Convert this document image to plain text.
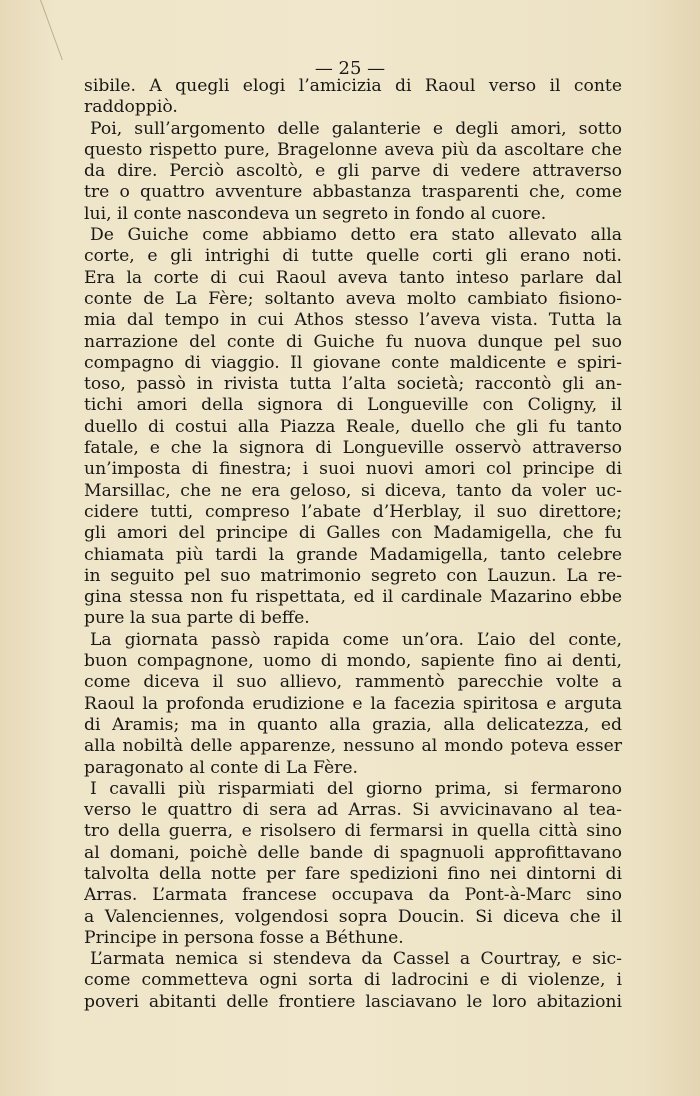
— 25 —
sibile. A quegli elogi l’amicizia di Raoul verso il conte
raddoppiò.
Poi, sull’argomento delle galanterie e degli amori, sotto
questo rispetto pure, Bragelonne aveva più da ascoltare che
da dire. Perciò ascoltò, e gli parve di vedere attraverso
tre o quattro avventure abbastanza trasparenti che, come
lui, il conte nascondeva un segreto in fondo al cuore.
De Guiche come abbiamo detto era stato allevato alla
corte, e gli intrighi di tutte quelle corti gli erano noti.
Era la corte di cui Raoul aveva tanto inteso parlare dal
conte de La Fère; soltanto aveva molto cambiato fisiono-
mia dal tempo in cui Athos stesso l’aveva vista. Tutta la
narrazione del conte di Guiche fu nuova dunque pel suo
compagno di viaggio. Il giovane conte maldicente e spiri-
toso, passò in rivista tutta l’alta società; raccontò gli an-
tichi amori della signora di Longueville con Coligny, il
duello di costui alla Piazza Reale, duello che gli fu tanto
fatale, e che la signora di Longueville osservò attraverso
un’imposta di finestra; i suoi nuovi amori col principe di
Marsillac, che ne era geloso, si diceva, tanto da voler uc-
cidere tutti, compreso l’abate d’Herblay, il suo direttore;
gli amori del principe di Galles con Madamigella, che fu
chiamata più tardi la grande Madamigella, tanto celebre
in seguito pel suo matrimonio segreto con Lauzun. La re-
gina stessa non fu rispettata, ed il cardinale Mazarino ebbe
pure la sua parte di beffe.
La giornata passò rapida come un’ora. L’aio del conte,
buon compagnone, uomo di mondo, sapiente fino ai denti,
come diceva il suo allievo, rammentò parecchie volte a
Raoul la profonda erudizione e la facezia spiritosa e arguta
di Aramis; ma in quanto alla grazia, alla delicatezza, ed
alla nobiltà delle apparenze, nessuno al mondo poteva esser
paragonato al conte di La Fère.
I cavalli più risparmiati del giorno prima, si fermarono
verso le quattro di sera ad Arras. Si avvicinavano al tea-
tro della guerra, e risolsero di fermarsi in quella città sino
al domani, poichè delle bande di spagnuoli approfittavano
talvolta della notte per fare spedizioni fino nei dintorni di
Arras. L’armata francese occupava da Pont-à-Marc sino
a Valenciennes, volgendosi sopra Doucin. Si diceva che il
Principe in persona fosse a Béthune.
L’armata nemica si stendeva da Cassel a Courtray, e sic-
come commetteva ogni sorta di ladrocini e di violenze, i
poveri abitanti delle frontiere lasciavano le loro abitazioni
